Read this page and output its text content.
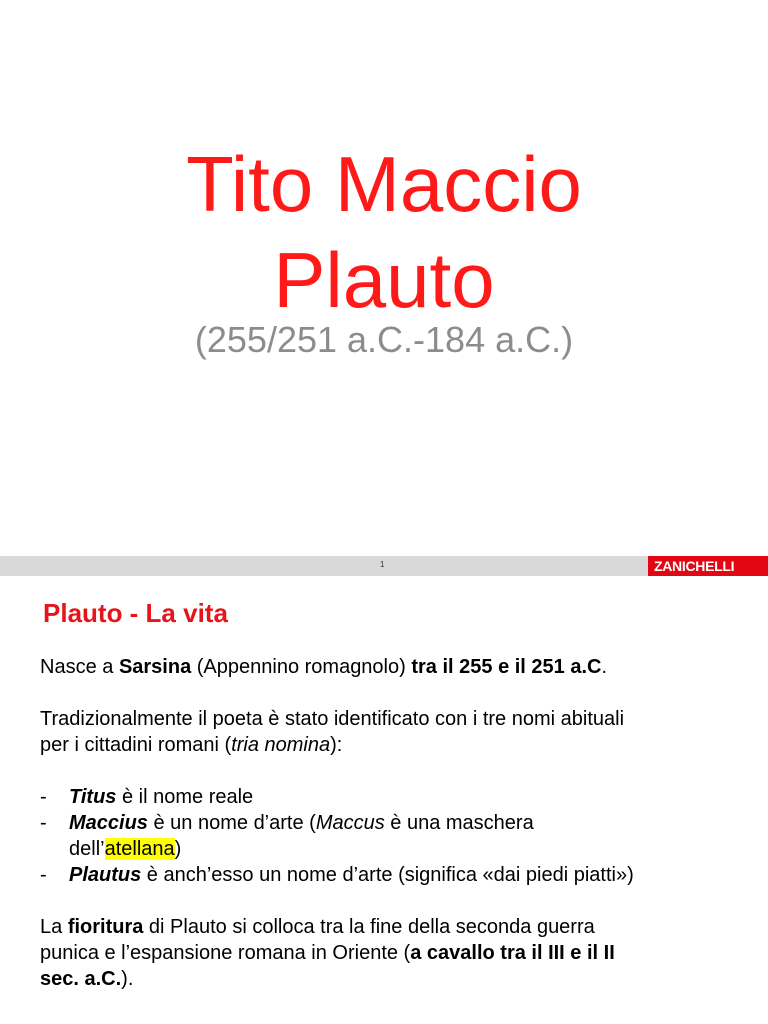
Tito Maccio
Plauto

(255/251 a.C.-184 a.C.)

1	ZANICHELLI
Plauto - La vita

Nasce a Sarsina (Appennino romagnolo) tra il 255 e il 251 a.C.

Tradizionalmente il poeta è stato identificato con i tre nomi abituali per i cittadini romani (tria nomina):

- Titus è il nome reale
- Maccius è un nome d’arte (Maccus è una maschera dell’atellana)
- Plautus è anch’esso un nome d’arte (significa «dai piedi piatti»)

La fioritura di Plauto si colloca tra la fine della seconda guerra punica e l’espansione romana in Oriente (a cavallo tra il III e il II sec. a.C.).
